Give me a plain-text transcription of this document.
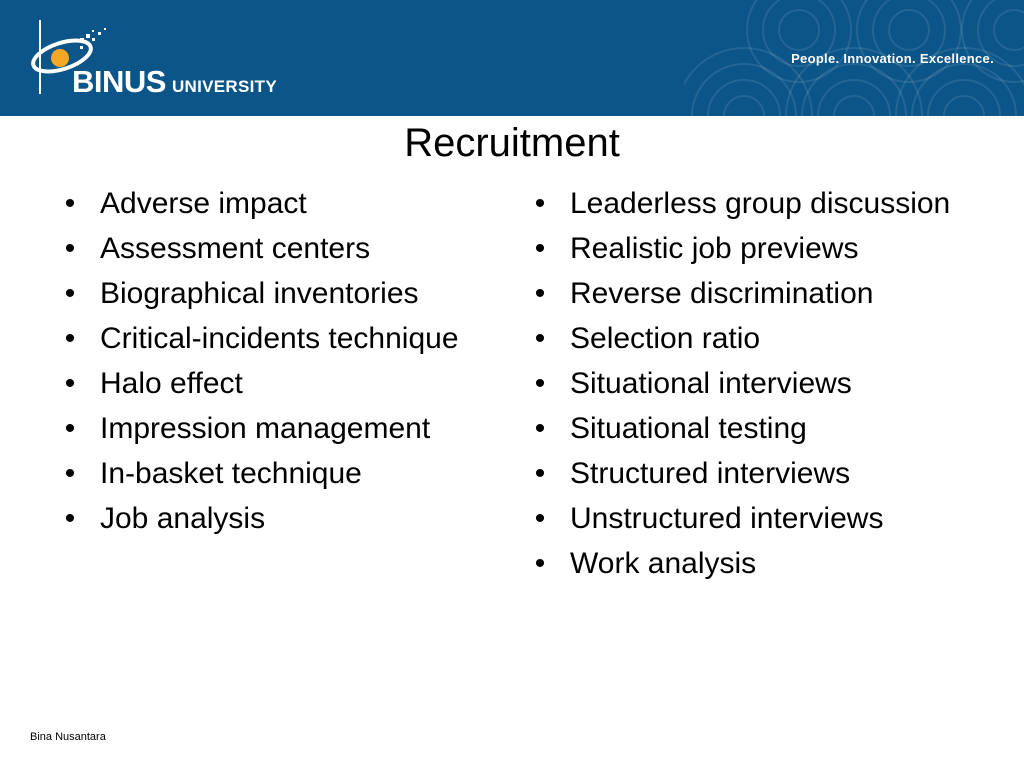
BINUS UNIVERSITY
People. Innovation. Excellence.
Recruitment
• Adverse impact
• Assessment centers
• Biographical inventories
• Critical-incidents technique
• Halo effect
• Impression management
• In-basket technique
• Job analysis
• Leaderless group discussion
• Realistic job previews
• Reverse discrimination
• Selection ratio
• Situational interviews
• Situational testing
• Structured interviews
• Unstructured interviews
• Work analysis
Bina Nusantara
